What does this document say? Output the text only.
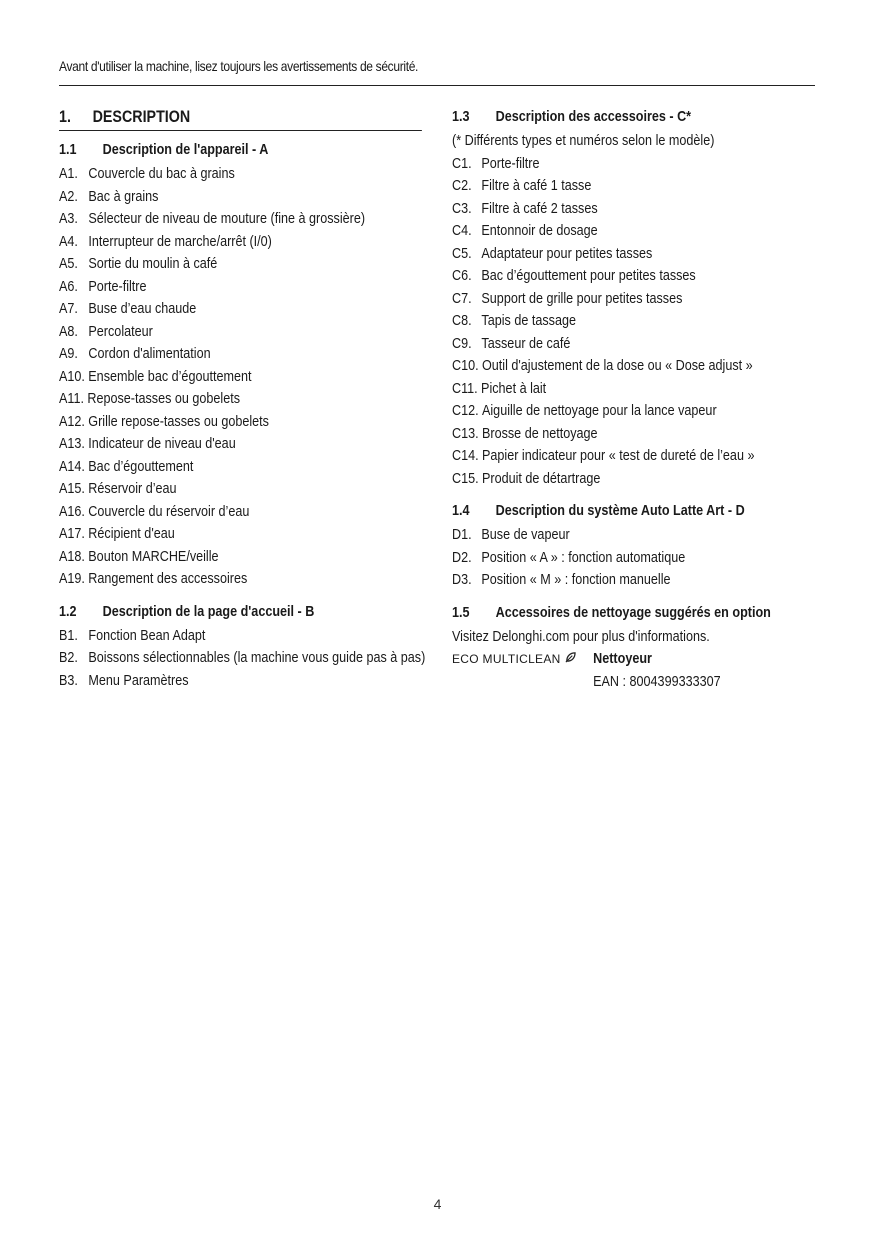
Avant d'utiliser la machine, lisez toujours les avertissements de sécurité.
1. DESCRIPTION
1.1 Description de l'appareil - A
A1. Couvercle du bac à grains
A2. Bac à grains
A3. Sélecteur de niveau de mouture (fine à grossière)
A4. Interrupteur de marche/arrêt (I/0)
A5. Sortie du moulin à café
A6. Porte-filtre
A7. Buse d’eau chaude
A8. Percolateur
A9. Cordon d'alimentation
A10. Ensemble bac d’égouttement
A11. Repose-tasses ou gobelets
A12. Grille repose-tasses ou gobelets
A13. Indicateur de niveau d'eau
A14. Bac d’égouttement
A15. Réservoir d’eau
A16. Couvercle du réservoir d’eau
A17. Récipient d'eau
A18. Bouton MARCHE/veille
A19. Rangement des accessoires
1.2 Description de la page d'accueil - B
B1. Fonction Bean Adapt
B2. Boissons sélectionnables (la machine vous guide pas à pas)
B3. Menu Paramètres
1.3 Description des accessoires - C*
(* Différents types et numéros selon le modèle)
C1. Porte-filtre
C2. Filtre à café 1 tasse
C3. Filtre à café 2 tasses
C4. Entonnoir de dosage
C5. Adaptateur pour petites tasses
C6. Bac d’égouttement pour petites tasses
C7. Support de grille pour petites tasses
C8. Tapis de tassage
C9. Tasseur de café
C10. Outil d'ajustement de la dose ou « Dose adjust »
C11. Pichet à lait
C12. Aiguille de nettoyage pour la lance vapeur
C13. Brosse de nettoyage
C14. Papier indicateur pour « test de dureté de l’eau »
C15. Produit de détartrage
1.4 Description du système Auto Latte Art - D
D1. Buse de vapeur
D2. Position « A » : fonction automatique
D3. Position « M » : fonction manuelle
1.5 Accessoires de nettoyage suggérés en option
Visitez Delonghi.com pour plus d'informations.
ECO MULTICLEAN Nettoyeur
EAN : 8004399333307
4
